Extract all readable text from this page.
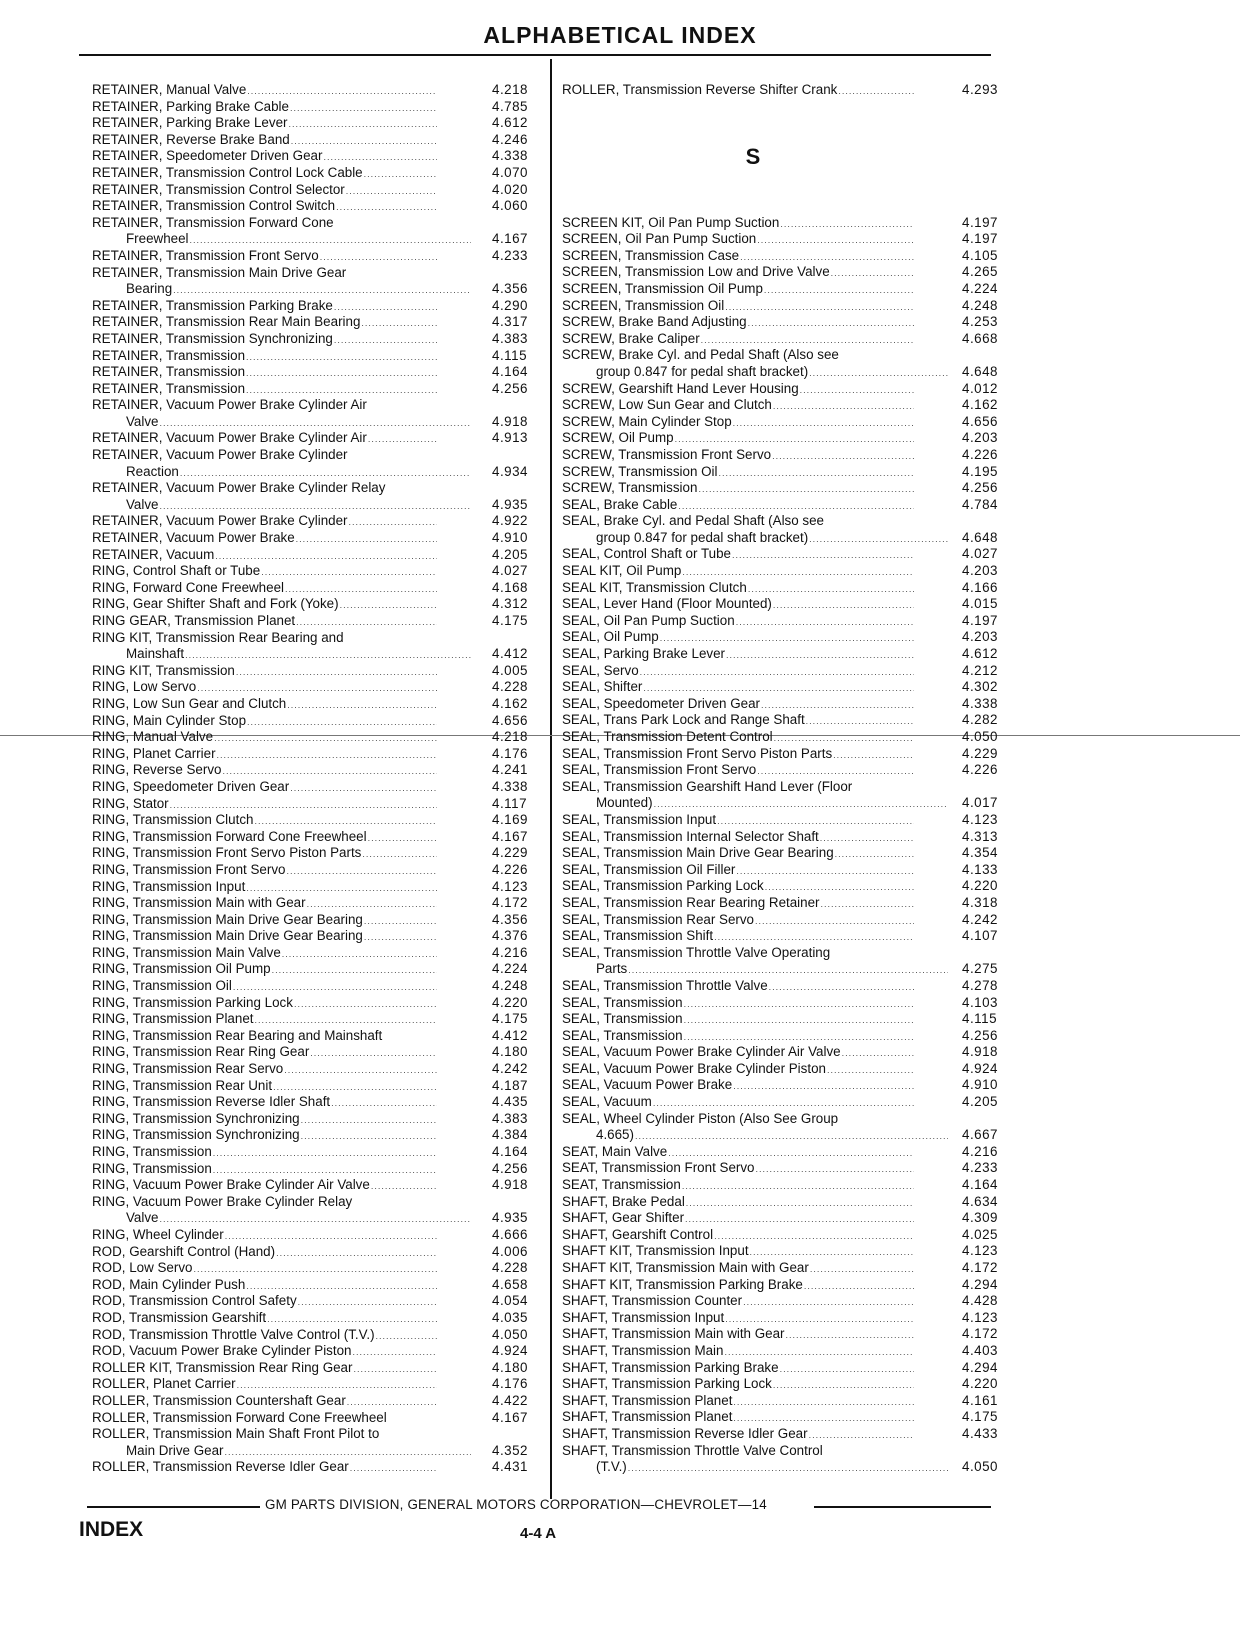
ALPHABETICAL INDEX
RETAINER, Manual Valve .....	4.218
RETAINER, Parking Brake Cable .....	4.785
RETAINER, Parking Brake Lever .....	4.612
RETAINER, Reverse Brake Band .....	4.246
RETAINER, Speedometer Driven Gear .....	4.338
RETAINER, Transmission Control Lock Cable .....	4.070
RETAINER, Transmission Control Selector .....	4.020
RETAINER, Transmission Control Switch .....	4.060
RETAINER, Transmission Forward Cone
Freewheel .....	4.167
RETAINER, Transmission Front Servo .....	4.233
RETAINER, Transmission Main Drive Gear
Bearing .....	4.356
RETAINER, Transmission Parking Brake .....	4.290
RETAINER, Transmission Rear Main Bearing .....	4.317
RETAINER, Transmission Synchronizing .....	4.383
RETAINER, Transmission .....	4.115
RETAINER, Transmission .....	4.164
RETAINER, Transmission .....	4.256
RETAINER, Vacuum Power Brake Cylinder Air
Valve .....	4.918
RETAINER, Vacuum Power Brake Cylinder Air .....	4.913
RETAINER, Vacuum Power Brake Cylinder
Reaction .....	4.934
RETAINER, Vacuum Power Brake Cylinder Relay
Valve .....	4.935
RETAINER, Vacuum Power Brake Cylinder .....	4.922
RETAINER, Vacuum Power Brake .....	4.910
RETAINER, Vacuum .....	4.205
RING, Control Shaft or Tube .....	4.027
RING, Forward Cone Freewheel .....	4.168
RING, Gear Shifter Shaft and Fork (Yoke) .....	4.312
RING GEAR, Transmission Planet .....	4.175
RING KIT, Transmission Rear Bearing and
Mainshaft .....	4.412
RING KIT, Transmission .....	4.005
RING, Low Servo .....	4.228
RING, Low Sun Gear and Clutch .....	4.162
RING, Main Cylinder Stop .....	4.656
RING, Manual Valve .....	4.218
RING, Planet Carrier .....	4.176
RING, Reverse Servo .....	4.241
RING, Speedometer Driven Gear .....	4.338
RING, Stator .....	4.117
RING, Transmission Clutch .....	4.169
RING, Transmission Forward Cone Freewheel .....	4.167
RING, Transmission Front Servo Piston Parts .....	4.229
RING, Transmission Front Servo .....	4.226
RING, Transmission Input .....	4.123
RING, Transmission Main with Gear .....	4.172
RING, Transmission Main Drive Gear Bearing .....	4.356
RING, Transmission Main Drive Gear Bearing .....	4.376
RING, Transmission Main Valve .....	4.216
RING, Transmission Oil Pump .....	4.224
RING, Transmission Oil .....	4.248
RING, Transmission Parking Lock .....	4.220
RING, Transmission Planet .....	4.175
RING, Transmission Rear Bearing and Mainshaft	4.412
RING, Transmission Rear Ring Gear .....	4.180
RING, Transmission Rear Servo .....	4.242
RING, Transmission Rear Unit .....	4.187
RING, Transmission Reverse Idler Shaft .....	4.435
RING, Transmission Synchronizing .....	4.383
RING, Transmission Synchronizing .....	4.384
RING, Transmission .....	4.164
RING, Transmission .....	4.256
RING, Vacuum Power Brake Cylinder Air Valve .....	4.918
RING, Vacuum Power Brake Cylinder Relay
Valve .....	4.935
RING, Wheel Cylinder .....	4.666
ROD, Gearshift Control (Hand) .....	4.006
ROD, Low Servo .....	4.228
ROD, Main Cylinder Push .....	4.658
ROD, Transmission Control Safety .....	4.054
ROD, Transmission Gearshift .....	4.035
ROD, Transmission Throttle Valve Control (T.V.) .....	4.050
ROD, Vacuum Power Brake Cylinder Piston .....	4.924
ROLLER KIT, Transmission Rear Ring Gear .....	4.180
ROLLER, Planet Carrier .....	4.176
ROLLER, Transmission Countershaft Gear .....	4.422
ROLLER, Transmission Forward Cone Freewheel	4.167
ROLLER, Transmission Main Shaft Front Pilot to
Main Drive Gear .....	4.352
ROLLER, Transmission Reverse Idler Gear .....	4.431
ROLLER, Transmission Reverse Shifter Crank .....	4.293
S
SCREEN KIT, Oil Pan Pump Suction .....	4.197
SCREEN, Oil Pan Pump Suction .....	4.197
SCREEN, Transmission Case .....	4.105
SCREEN, Transmission Low and Drive Valve .....	4.265
SCREEN, Transmission Oil Pump .....	4.224
SCREEN, Transmission Oil .....	4.248
SCREW, Brake Band Adjusting .....	4.253
SCREW, Brake Caliper .....	4.668
SCREW, Brake Cyl. and Pedal Shaft (Also see
group 0.847 for pedal shaft bracket) .....	4.648
SCREW, Gearshift Hand Lever Housing .....	4.012
SCREW, Low Sun Gear and Clutch .....	4.162
SCREW, Main Cylinder Stop .....	4.656
SCREW, Oil Pump .....	4.203
SCREW, Transmission Front Servo .....	4.226
SCREW, Transmission Oil .....	4.195
SCREW, Transmission .....	4.256
SEAL, Brake Cable .....	4.784
SEAL, Brake Cyl. and Pedal Shaft (Also see
group 0.847 for pedal shaft bracket) .....	4.648
SEAL, Control Shaft or Tube .....	4.027
SEAL KIT, Oil Pump .....	4.203
SEAL KIT, Transmission Clutch .....	4.166
SEAL, Lever Hand (Floor Mounted) .....	4.015
SEAL, Oil Pan Pump Suction .....	4.197
SEAL, Oil Pump .....	4.203
SEAL, Parking Brake Lever .....	4.612
SEAL, Servo .....	4.212
SEAL, Shifter .....	4.302
SEAL, Speedometer Driven Gear .....	4.338
SEAL, Trans Park Lock and Range Shaft .....	4.282
SEAL, Transmission Detent Control .....	4.050
SEAL, Transmission Front Servo Piston Parts .....	4.229
SEAL, Transmission Front Servo .....	4.226
SEAL, Transmission Gearshift Hand Lever (Floor
Mounted) .....	4.017
SEAL, Transmission Input .....	4.123
SEAL, Transmission Internal Selector Shaft .....	4.313
SEAL, Transmission Main Drive Gear Bearing .....	4.354
SEAL, Transmission Oil Filler .....	4.133
SEAL, Transmission Parking Lock .....	4.220
SEAL, Transmission Rear Bearing Retainer .....	4.318
SEAL, Transmission Rear Servo .....	4.242
SEAL, Transmission Shift .....	4.107
SEAL, Transmission Throttle Valve Operating
Parts .....	4.275
SEAL, Transmission Throttle Valve .....	4.278
SEAL, Transmission .....	4.103
SEAL, Transmission .....	4.115
SEAL, Transmission .....	4.256
SEAL, Vacuum Power Brake Cylinder Air Valve .....	4.918
SEAL, Vacuum Power Brake Cylinder Piston .....	4.924
SEAL, Vacuum Power Brake .....	4.910
SEAL, Vacuum .....	4.205
SEAL, Wheel Cylinder Piston (Also See Group
4.665) .....	4.667
SEAT, Main Valve .....	4.216
SEAT, Transmission Front Servo .....	4.233
SEAT, Transmission .....	4.164
SHAFT, Brake Pedal .....	4.634
SHAFT, Gear Shifter .....	4.309
SHAFT, Gearshift Control .....	4.025
SHAFT KIT, Transmission Input .....	4.123
SHAFT KIT, Transmission Main with Gear .....	4.172
SHAFT KIT, Transmission Parking Brake .....	4.294
SHAFT, Transmission Counter .....	4.428
SHAFT, Transmission Input .....	4.123
SHAFT, Transmission Main with Gear .....	4.172
SHAFT, Transmission Main .....	4.403
SHAFT, Transmission Parking Brake .....	4.294
SHAFT, Transmission Parking Lock .....	4.220
SHAFT, Transmission Planet .....	4.161
SHAFT, Transmission Planet .....	4.175
SHAFT, Transmission Reverse Idler Gear .....	4.433
SHAFT, Transmission Throttle Valve Control
(T.V.) .....	4.050
GM PARTS DIVISION, GENERAL MOTORS CORPORATION—CHEVROLET—14
INDEX	4-4 A
